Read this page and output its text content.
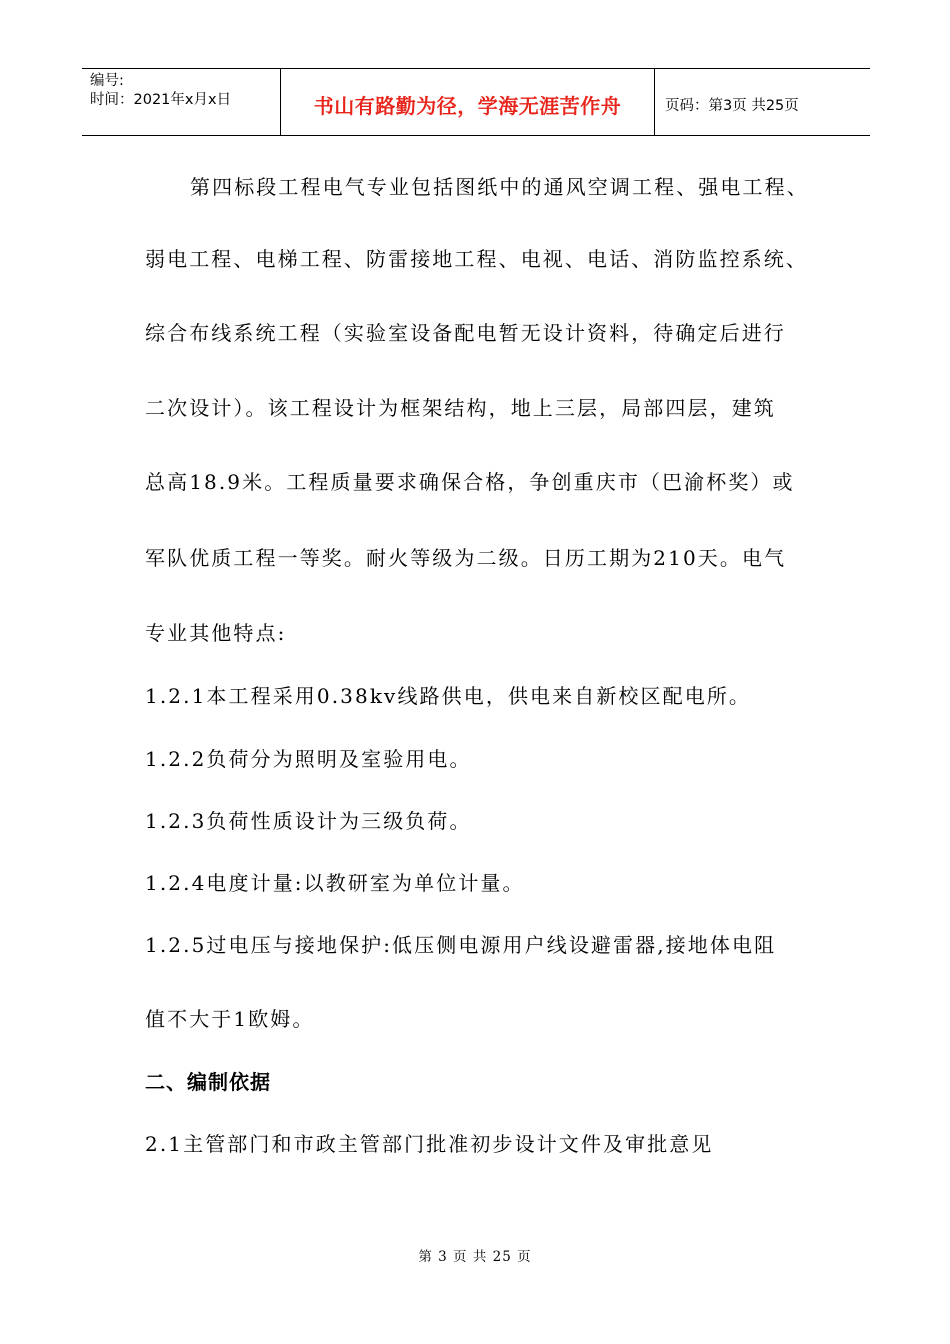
编号:
时间：2021年x月x日	书山有路勤为径，学海无涯苦作舟	页码：第3页 共25页

第四标段工程电气专业包括图纸中的通风空调工程、强电工程、

弱电工程、电梯工程、防雷接地工程、电视、电话、消防监控系统、

综合布线系统工程（实验室设备配电暂无设计资料，待确定后进行

二次设计）。该工程设计为框架结构，地上三层，局部四层，建筑

总高18.9米。工程质量要求确保合格，争创重庆市（巴渝杯奖）或

军队优质工程一等奖。耐火等级为二级。日历工期为210天。电气

专业其他特点:

1.2.1本工程采用0.38kv线路供电，供电来自新校区配电所。

1.2.2负荷分为照明及室验用电。

1.2.3负荷性质设计为三级负荷。

1.2.4电度计量:以教研室为单位计量。

1.2.5过电压与接地保护:低压侧电源用户线设避雷器,接地体电阻

值不大于1欧姆。

二、编制依据

2.1主管部门和市政主管部门批准初步设计文件及审批意见

第 3 页 共 25 页
